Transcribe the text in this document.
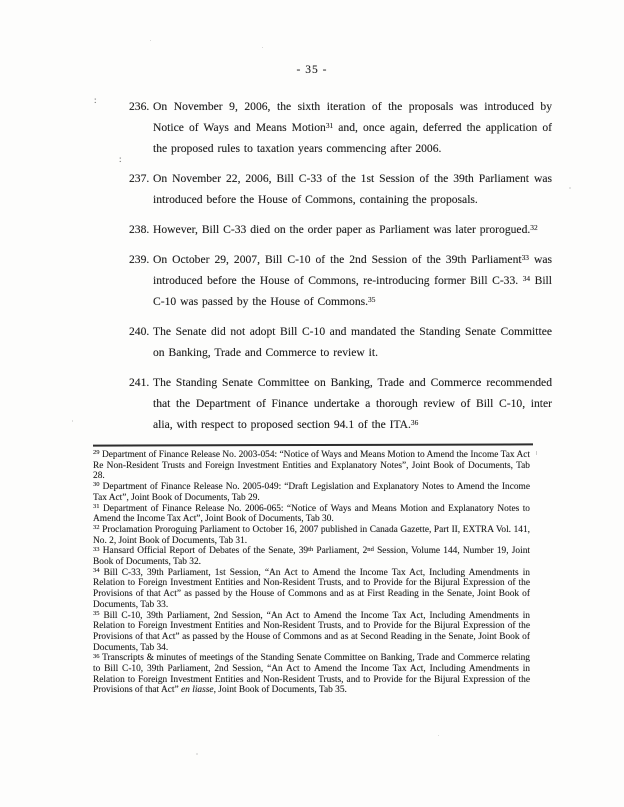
- 35 -
236. On November 9, 2006, the sixth iteration of the proposals was introduced by Notice of Ways and Means Motion$^{31}$ and, once again, deferred the application of the proposed rules to taxation years commencing after 2006.
237. On November 22, 2006, Bill C-33 of the 1st Session of the 39th Parliament was introduced before the House of Commons, containing the proposals.
238. However, Bill C-33 died on the order paper as Parliament was later prorogued.$^{32}$
239. On October 29, 2007, Bill C-10 of the 2nd Session of the 39th Parliament$^{33}$ was introduced before the House of Commons, re-introducing former Bill C-33. $^{34}$ Bill C-10 was passed by the House of Commons.$^{35}$
240. The Senate did not adopt Bill C-10 and mandated the Standing Senate Committee on Banking, Trade and Commerce to review it.
241. The Standing Senate Committee on Banking, Trade and Commerce recommended that the Department of Finance undertake a thorough review of Bill C-10, inter alia, with respect to proposed section 94.1 of the ITA.$^{36}$
$^{29}$ Department of Finance Release No. 2003-054: “Notice of Ways and Means Motion to Amend the Income Tax Act Re Non-Resident Trusts and Foreign Investment Entities and Explanatory Notes”, Joint Book of Documents, Tab 28.
$^{30}$ Department of Finance Release No. 2005-049: “Draft Legislation and Explanatory Notes to Amend the Income Tax Act”, Joint Book of Documents, Tab 29.
$^{31}$ Department of Finance Release No. 2006-065: “Notice of Ways and Means Motion and Explanatory Notes to Amend the Income Tax Act”, Joint Book of Documents, Tab 30.
$^{32}$ Proclamation Proroguing Parliament to October 16, 2007 published in Canada Gazette, Part II, EXTRA Vol. 141, No. 2, Joint Book of Documents, Tab 31.
$^{33}$ Hansard Official Report of Debates of the Senate, 39th Parliament, 2nd Session, Volume 144, Number 19, Joint Book of Documents, Tab 32.
$^{34}$ Bill C-33, 39th Parliament, 1st Session, “An Act to Amend the Income Tax Act, Including Amendments in Relation to Foreign Investment Entities and Non-Resident Trusts, and to Provide for the Bijural Expression of the Provisions of that Act” as passed by the House of Commons and as at First Reading in the Senate, Joint Book of Documents, Tab 33.
$^{35}$ Bill C-10, 39th Parliament, 2nd Session, “An Act to Amend the Income Tax Act, Including Amendments in Relation to Foreign Investment Entities and Non-Resident Trusts, and to Provide for the Bijural Expression of the Provisions of that Act” as passed by the House of Commons and as at Second Reading in the Senate, Joint Book of Documents, Tab 34.
$^{36}$ Transcripts & minutes of meetings of the Standing Senate Committee on Banking, Trade and Commerce relating to Bill C-10, 39th Parliament, 2nd Session, “An Act to Amend the Income Tax Act, Including Amendments in Relation to Foreign Investment Entities and Non-Resident Trusts, and to Provide for the Bijural Expression of the Provisions of that Act” en liasse, Joint Book of Documents, Tab 35.
:
:
